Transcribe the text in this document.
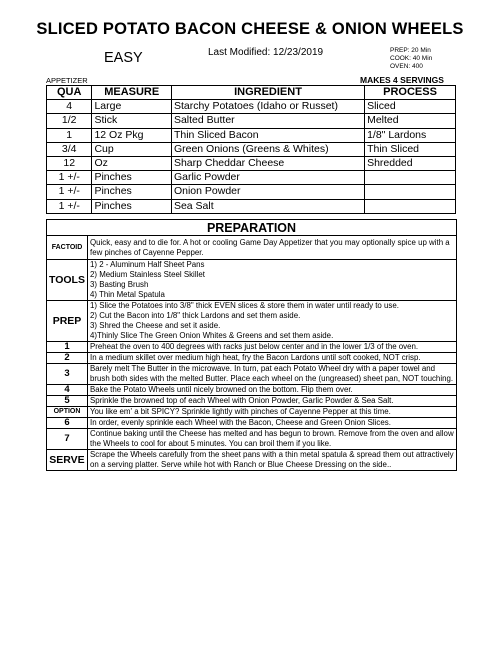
SLICED POTATO BACON CHEESE & ONION WHEELS
EASY	Last Modified: 12/23/2019	PREP: 20 Min
COOK: 40 Min
OVEN: 400
APPETIZER	MAKES 4 SERVINGS
QUA	MEASURE	INGREDIENT	PROCESS
4	Large	Starchy Potatoes (Idaho or Russet)	Sliced
1/2	Stick	Salted Butter	Melted
1	12 Oz Pkg	Thin Sliced Bacon	1/8" Lardons
3/4	Cup	Green Onions (Greens & Whites)	Thin Sliced
12	Oz	Sharp Cheddar Cheese	Shredded
1 +/-	Pinches	Garlic Powder	
1 +/-	Pinches	Onion Powder	
1 +/-	Pinches	Sea Salt	
PREPARATION	
FACTOID	Quick, easy and to die for. A hot or cooling Game Day Appetizer that you may optionally spice up with a few pinches of Cayenne Pepper.
TOOLS	1) 2 - Aluminum Half Sheet Pans
2) Medium Stainless Steel Skillet
3) Basting Brush
4) Thin Metal Spatula

PREP	1) Slice the Potatoes into 3/8" thick EVEN slices & store them in water until ready to use.
2) Cut the Bacon into 1/8" thick Lardons and set them aside.
3) Shred the Cheese and set it aside.
4)Thinly Slice The Green Onion Whites & Greens and set them aside.

1	Preheat the oven to 400 degrees with racks just below center and in the lower 1/3 of the oven.
2	In a medium skillet over medium high heat, fry the Bacon Lardons until soft cooked, NOT crisp.
3	Barely melt The Butter in the microwave. In turn, pat each Potato Wheel dry with a paper towel and brush both sides with the melted Butter. Place each wheel on the (ungreased) sheet pan, NOT touching.
4	Bake the Potato Wheels until nicely browned on the bottom. Flip them over.
5	Sprinkle the browned top of each Wheel with Onion Powder, Garlic Powder & Sea Salt.
OPTION	You like em' a bit SPICY? Sprinkle lightly with pinches of Cayenne Pepper at this time.
6	In order, evenly sprinkle each Wheel with the Bacon, Cheese and Green Onion Slices.
7	Continue baking until the Cheese has melted and has begun to brown. Remove from the oven and allow the Wheels to cool for about 5 minutes. You can broil them if you like.
SERVE	Scrape the Wheels carefully from the sheet pans with a thin metal spatula & spread them out attractively on a serving platter. Serve while hot with Ranch or Blue Cheese Dressing on the side..
